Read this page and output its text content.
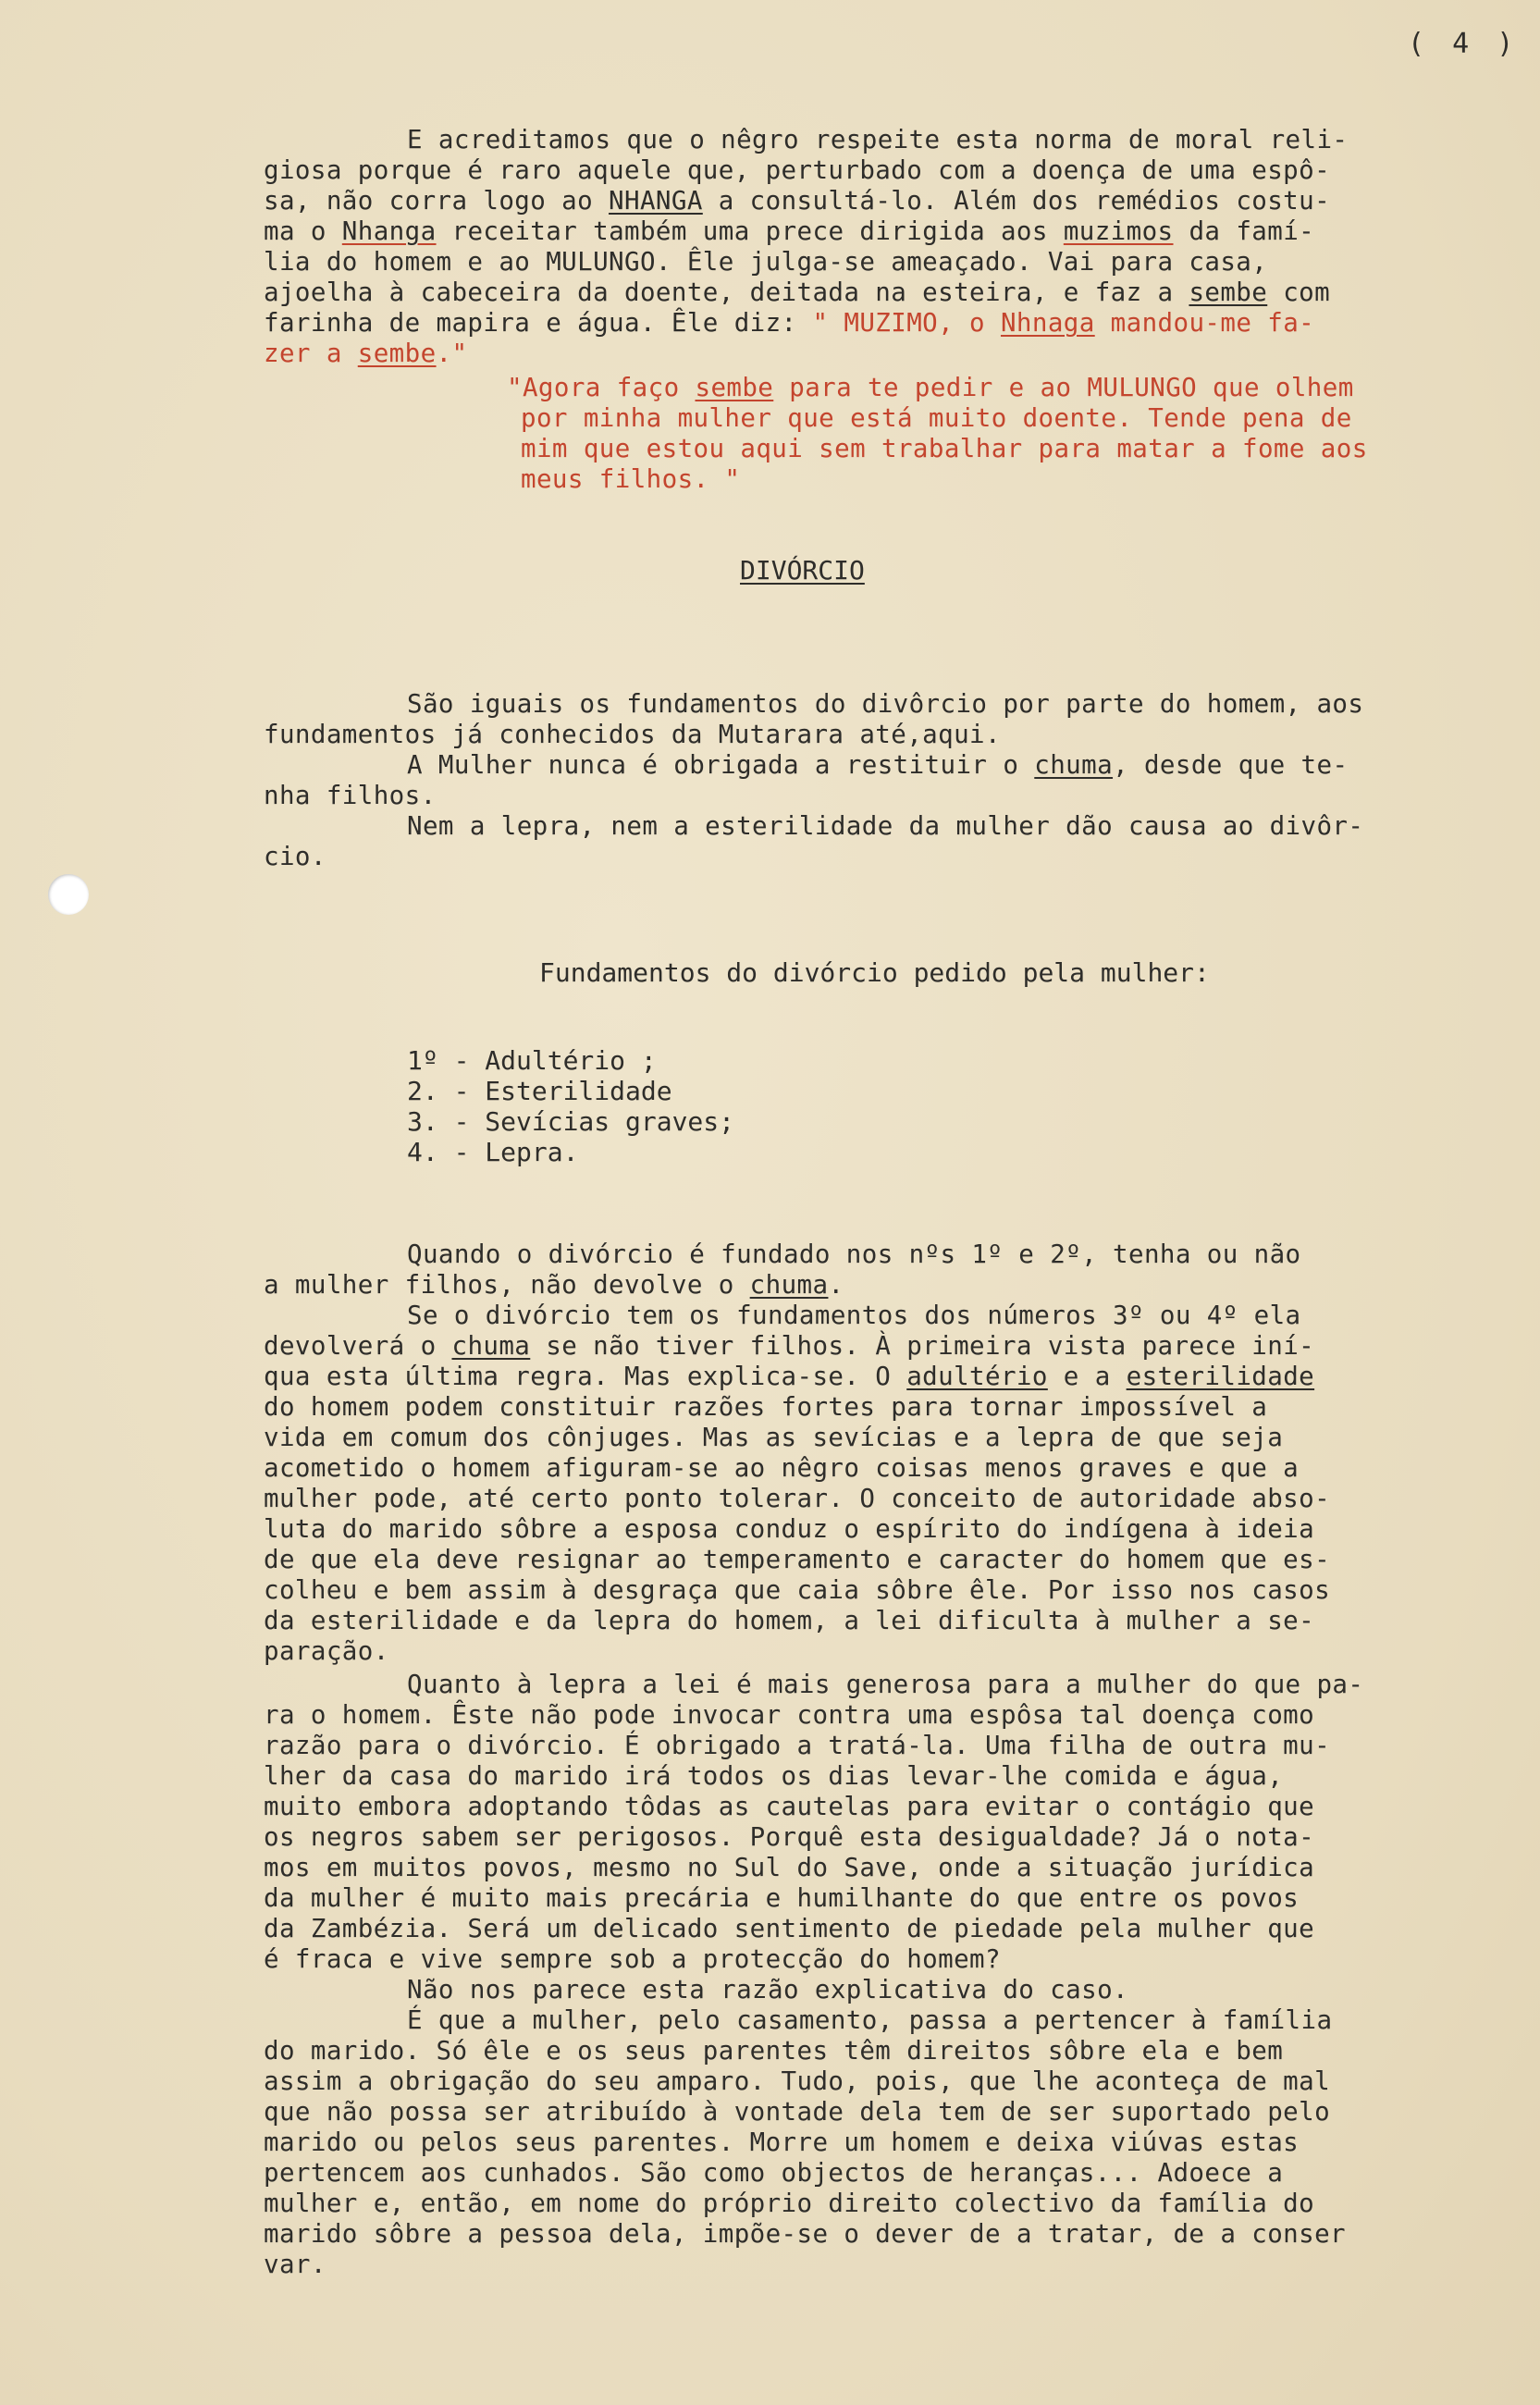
( 4 )
E acreditamos que o nêgro respeite esta norma de moral reli-
giosa porque é raro aquele que, perturbado com a doença de uma espô-
sa, não corra logo ao NHANGA a consultá-lo. Além dos remédios costu-
ma o Nhanga receitar também uma prece dirigida aos muzimos da famí-
lia do homem e ao MULUNGO. Êle julga-se ameaçado. Vai para casa,
ajoelha à cabeceira da doente, deitada na esteira, e faz a sembe com
farinha de mapira e água. Êle diz: " MUZIMO, o Nhnaga mandou-me fa-
zer a sembe."
"Agora faço sembe para te pedir e ao MULUNGO que olhem
por minha mulher que está muito doente. Tende pena de
mim que estou aqui sem trabalhar para matar a fome aos
meus filhos. "
DIVÓRCIO
São iguais os fundamentos do divôrcio por parte do homem, aos
fundamentos já conhecidos da Mutarara até,aqui.
A Mulher nunca é obrigada a restituir o chuma, desde que te-
nha filhos.
Nem a lepra, nem a esterilidade da mulher dão causa ao divôr-
cio.
Fundamentos do divórcio pedido pela mulher:
1º - Adultério ;
2. - Esterilidade
3. - Sevícias graves;
4. - Lepra.
Quando o divórcio é fundado nos nºs 1º e 2º, tenha ou não
a mulher filhos, não devolve o chuma.
Se o divórcio tem os fundamentos dos números 3º ou 4º ela
devolverá o chuma se não tiver filhos. À primeira vista parece iní-
qua esta última regra. Mas explica-se. O adultério e a esterilidade
do homem podem constituir razões fortes para tornar impossível a
vida em comum dos cônjuges. Mas as sevícias e a lepra de que seja
acometido o homem afiguram-se ao nêgro coisas menos graves e que a
mulher pode, até certo ponto tolerar. O conceito de autoridade abso-
luta do marido sôbre a esposa conduz o espírito do indígena à ideia
de que ela deve resignar ao temperamento e caracter do homem que es-
colheu e bem assim à desgraça que caia sôbre êle. Por isso nos casos
da esterilidade e da lepra do homem, a lei dificulta à mulher a se-
paração.
Quanto à lepra a lei é mais generosa para a mulher do que pa-
ra o homem. Êste não pode invocar contra uma espôsa tal doença como
razão para o divórcio. É obrigado a tratá-la. Uma filha de outra mu-
lher da casa do marido irá todos os dias levar-lhe comida e água,
muito embora adoptando tôdas as cautelas para evitar o contágio que
os negros sabem ser perigosos. Porquê esta desigualdade? Já o nota-
mos em muitos povos, mesmo no Sul do Save, onde a situação jurídica
da mulher é muito mais precária e humilhante do que entre os povos
da Zambézia. Será um delicado sentimento de piedade pela mulher que
é fraca e vive sempre sob a protecção do homem?
Não nos parece esta razão explicativa do caso.
É que a mulher, pelo casamento, passa a pertencer à família
do marido. Só êle e os seus parentes têm direitos sôbre ela e bem
assim a obrigação do seu amparo. Tudo, pois, que lhe aconteça de mal
que não possa ser atribuído à vontade dela tem de ser suportado pelo
marido ou pelos seus parentes. Morre um homem e deixa viúvas estas
pertencem aos cunhados. São como objectos de heranças... Adoece a
mulher e, então, em nome do próprio direito colectivo da família do
marido sôbre a pessoa dela, impõe-se o dever de a tratar, de a conser
var.
